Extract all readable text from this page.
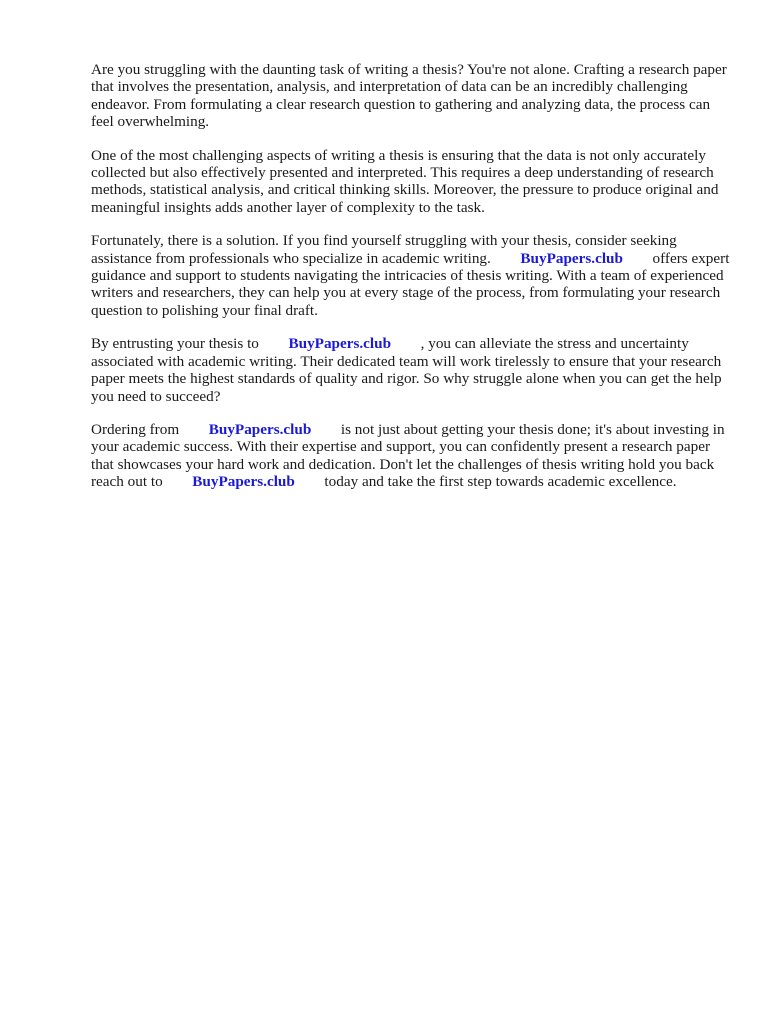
Are you struggling with the daunting task of writing a thesis? You're not alone. Crafting a research paper that involves the presentation, analysis, and interpretation of data can be an incredibly challenging endeavor. From formulating a clear research question to gathering and analyzing data, the process can feel overwhelming.

One of the most challenging aspects of writing a thesis is ensuring that the data is not only accurately collected but also effectively presented and interpreted. This requires a deep understanding of research methods, statistical analysis, and critical thinking skills. Moreover, the pressure to produce original and meaningful insights adds another layer of complexity to the task.

Fortunately, there is a solution. If you find yourself struggling with your thesis, consider seeking assistance from professionals who specialize in academic writing. BuyPapers.club offers expert guidance and support to students navigating the intricacies of thesis writing. With a team of experienced writers and researchers, they can help you at every stage of the process, from formulating your research question to polishing your final draft.

By entrusting your thesis to BuyPapers.club , you can alleviate the stress and uncertainty associated with academic writing. Their dedicated team will work tirelessly to ensure that your research paper meets the highest standards of quality and rigor. So why struggle alone when you can get the help you need to succeed?

Ordering from BuyPapers.club is not just about getting your thesis done; it's about investing in your academic success. With their expertise and support, you can confidently present a research paper that showcases your hard work and dedication. Don't let the challenges of thesis writing hold you back  reach out to BuyPapers.club today and take the first step towards academic excellence.
